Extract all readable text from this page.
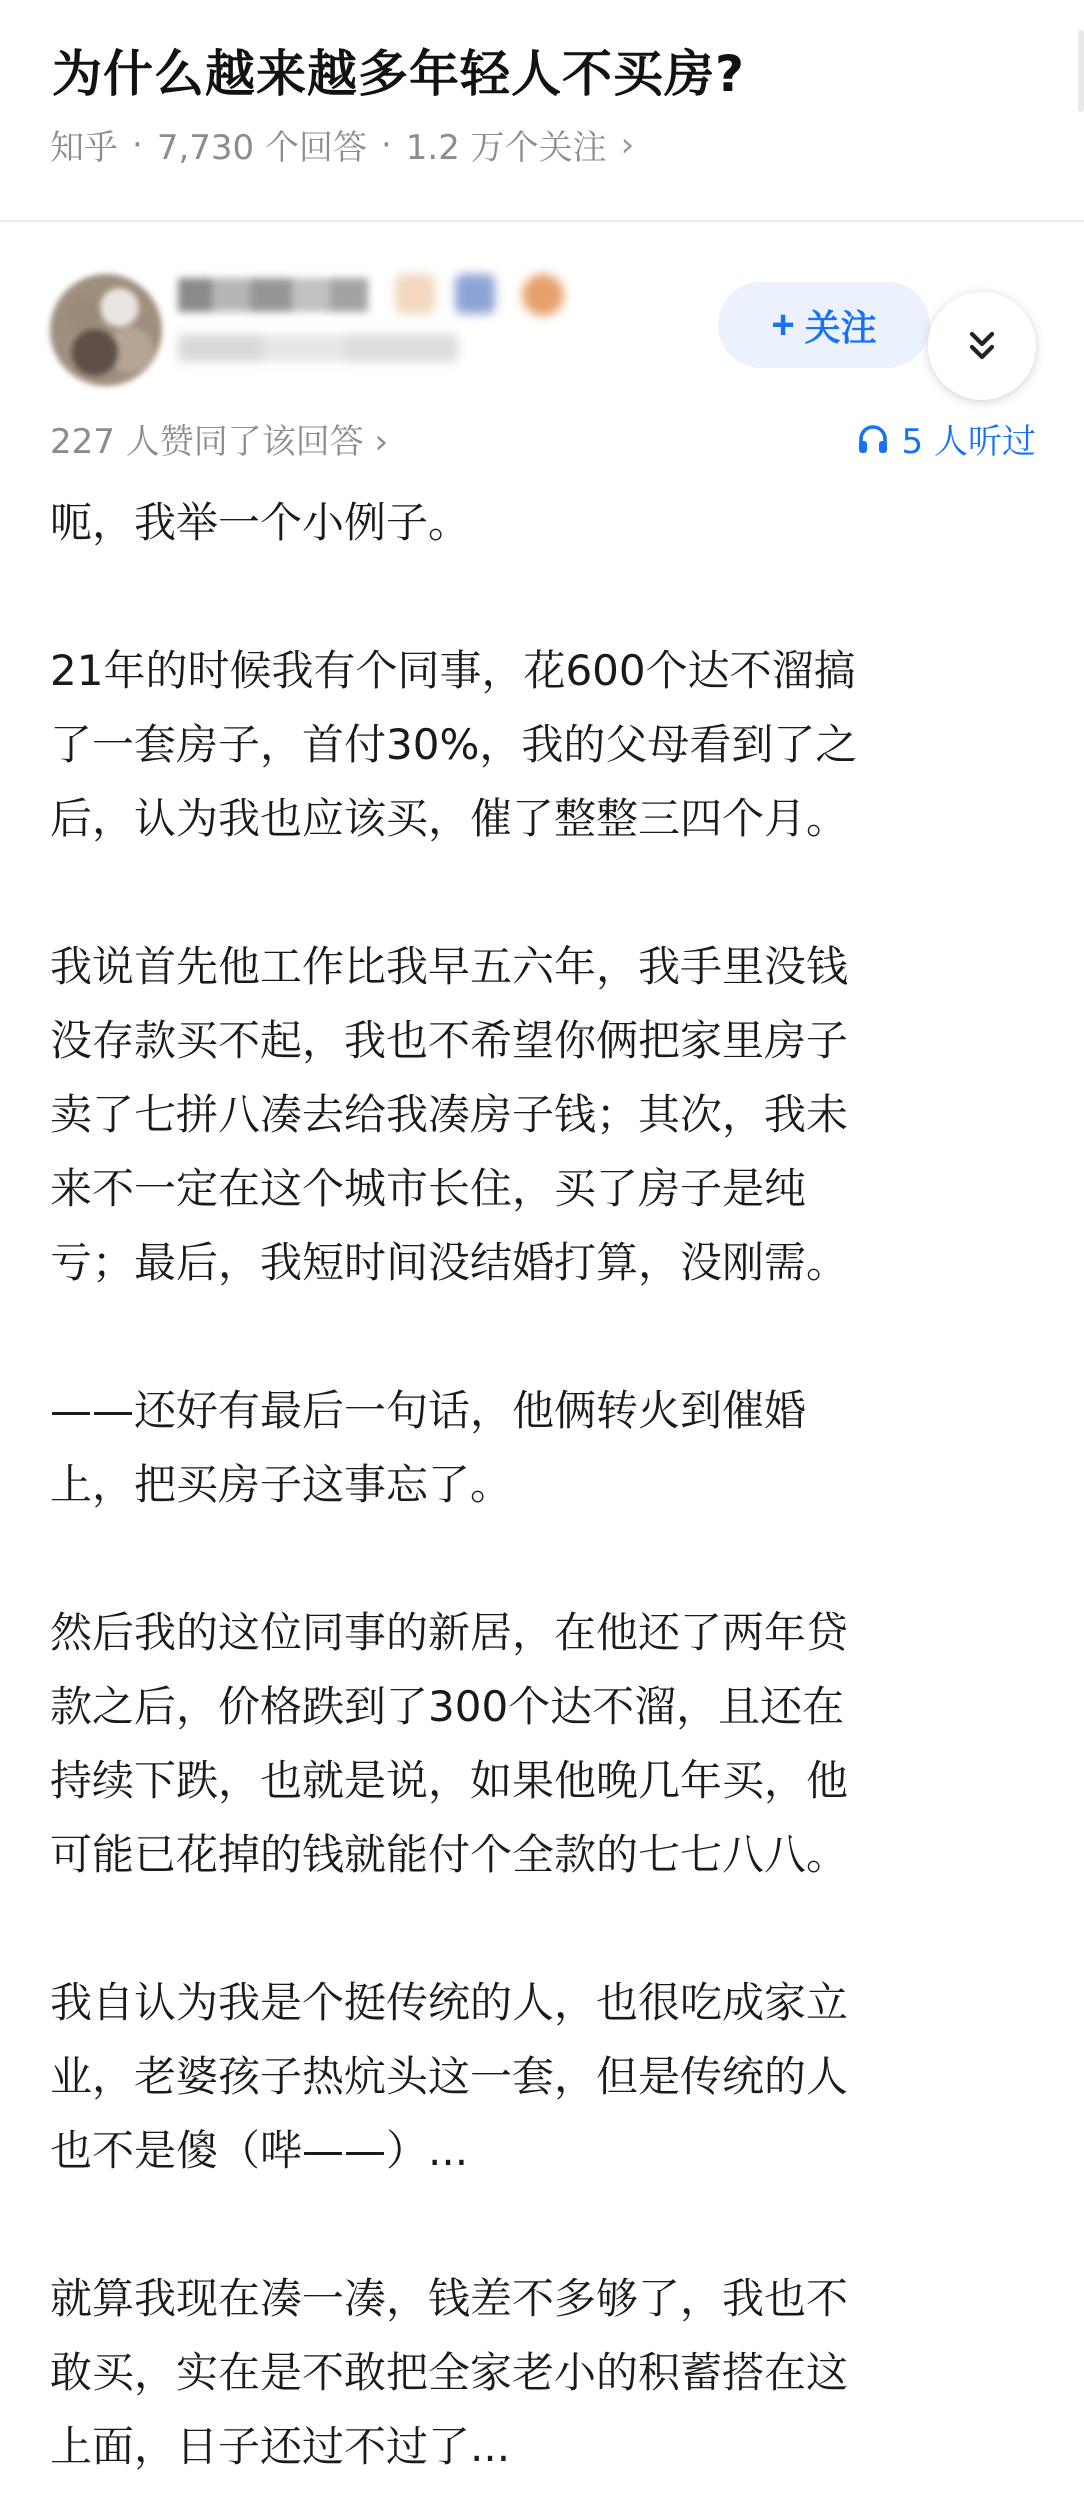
为什么越来越多年轻人不买房?
知乎 · 7,730 个回答 · 1.2 万个关注 ›
+ 关注
227 人赞同了该回答 ›	5 人听过

呃，我举一个小例子。

21年的时候我有个同事，花600个达不溜搞
了一套房子，首付30%，我的父母看到了之
后，认为我也应该买，催了整整三四个月。

我说首先他工作比我早五六年，我手里没钱
没存款买不起，我也不希望你俩把家里房子
卖了七拼八凑去给我凑房子钱；其次，我未
来不一定在这个城市长住，买了房子是纯
亏；最后，我短时间没结婚打算，没刚需。

——还好有最后一句话，他俩转火到催婚
上，把买房子这事忘了。

然后我的这位同事的新居，在他还了两年贷
款之后，价格跌到了300个达不溜，且还在
持续下跌，也就是说，如果他晚几年买，他
可能已花掉的钱就能付个全款的七七八八。

我自认为我是个挺传统的人，也很吃成家立
业，老婆孩子热炕头这一套，但是传统的人
也不是傻（哔——）...

就算我现在凑一凑，钱差不多够了，我也不
敢买，实在是不敢把全家老小的积蓄搭在这
上面，日子还过不过了...
